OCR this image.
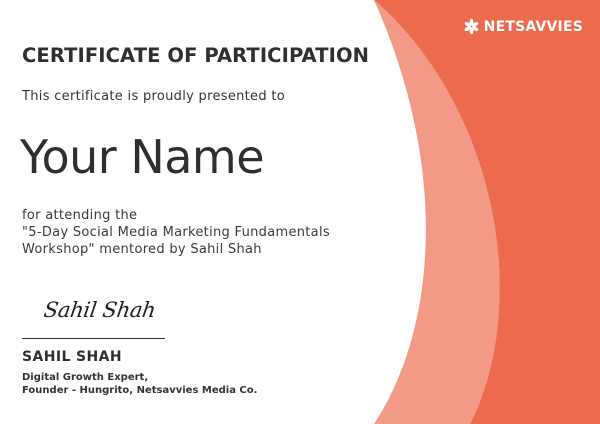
NETSAVVIES
CERTIFICATE OF PARTICIPATION
This certificate is proudly presented to
Your Name
for attending the
"5-Day Social Media Marketing Fundamentals
Workshop" mentored by Sahil Shah
Sahil Shah
SAHIL SHAH
Digital Growth Expert,
Founder - Hungrito, Netsavvies Media Co.
